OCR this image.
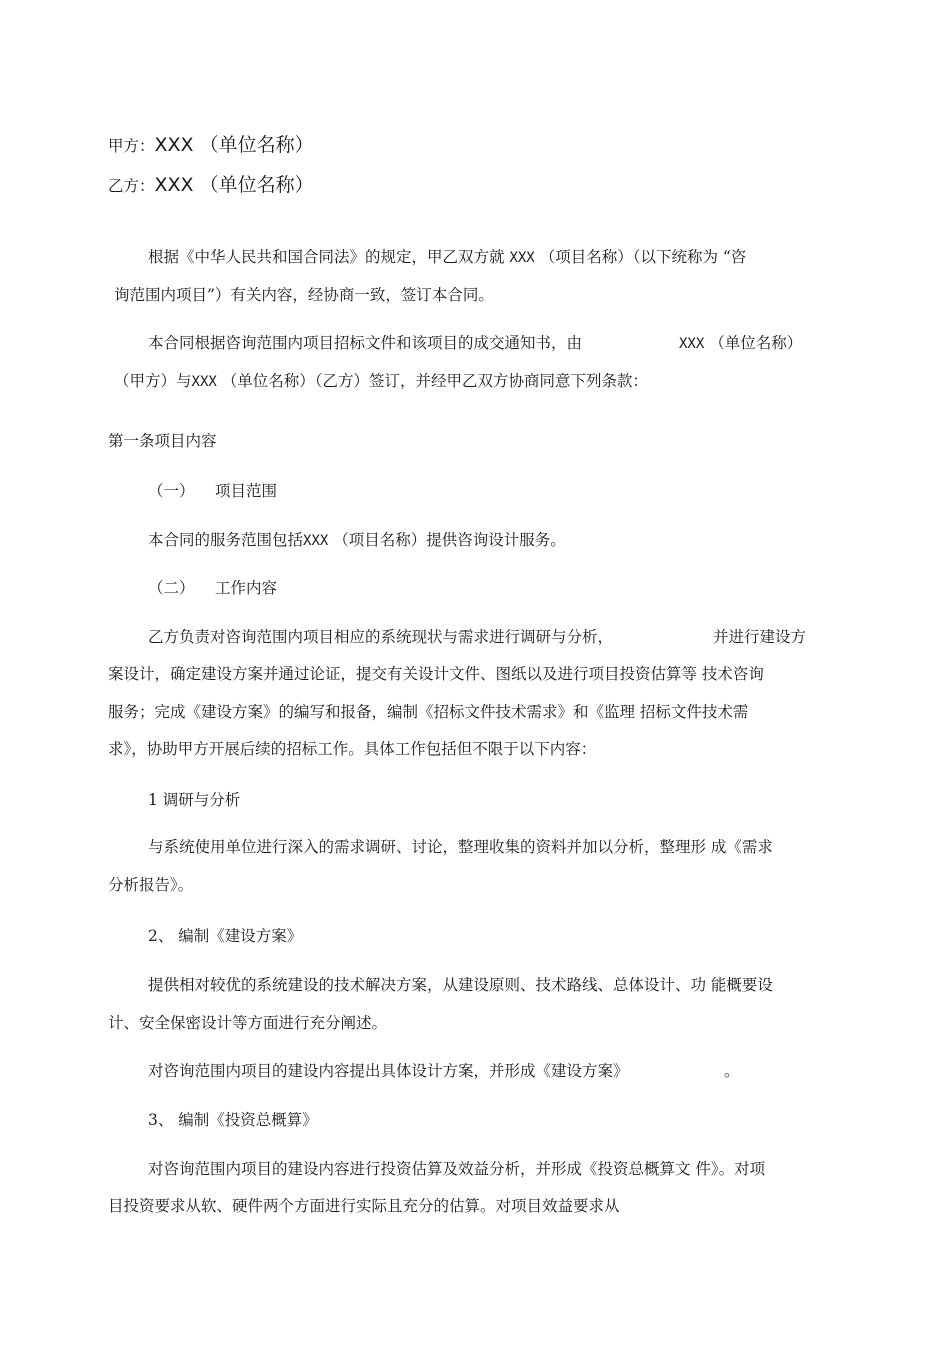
甲方：XXX （单位名称）
乙方：XXX （单位名称）
根据《中华人民共和国合同法》的规定，甲乙双方就 XXX （项目名称）（以下统称为 “咨
询范围内项目”）有关内容，经协商一致，签订本合同。
本合同根据咨询范围内项目招标文件和该项目的成交通知书，由	XXX （单位名称）
（甲方）与XXX （单位名称）（乙方）签订，并经甲乙双方协商同意下列条款：
第一条项目内容
（一） 项目范围
本合同的服务范围包括XXX （项目名称）提供咨询设计服务。
（二） 工作内容
乙方负责对咨询范围内项目相应的系统现状与需求进行调研与分析，	并进行建设方
案设计，确定建设方案并通过论证，提交有关设计文件、图纸以及进行项目投资估算等 技术咨询
服务；完成《建设方案》的编写和报备，编制《招标文件技术需求》和《监理 招标文件技术需
求》，协助甲方开展后续的招标工作。具体工作包括但不限于以下内容：
1 调研与分析
与系统使用单位进行深入的需求调研、讨论，整理收集的资料并加以分析，整理形 成《需求
分析报告》。
2、 编制《建设方案》
提供相对较优的系统建设的技术解决方案，从建设原则、技术路线、总体设计、功 能概要设
计、安全保密设计等方面进行充分阐述。
对咨询范围内项目的建设内容提出具体设计方案，并形成《建设方案》	。
3、 编制《投资总概算》
对咨询范围内项目的建设内容进行投资估算及效益分析，并形成《投资总概算文 件》。对项
目投资要求从软、硬件两个方面进行实际且充分的估算。对项目效益要求从
